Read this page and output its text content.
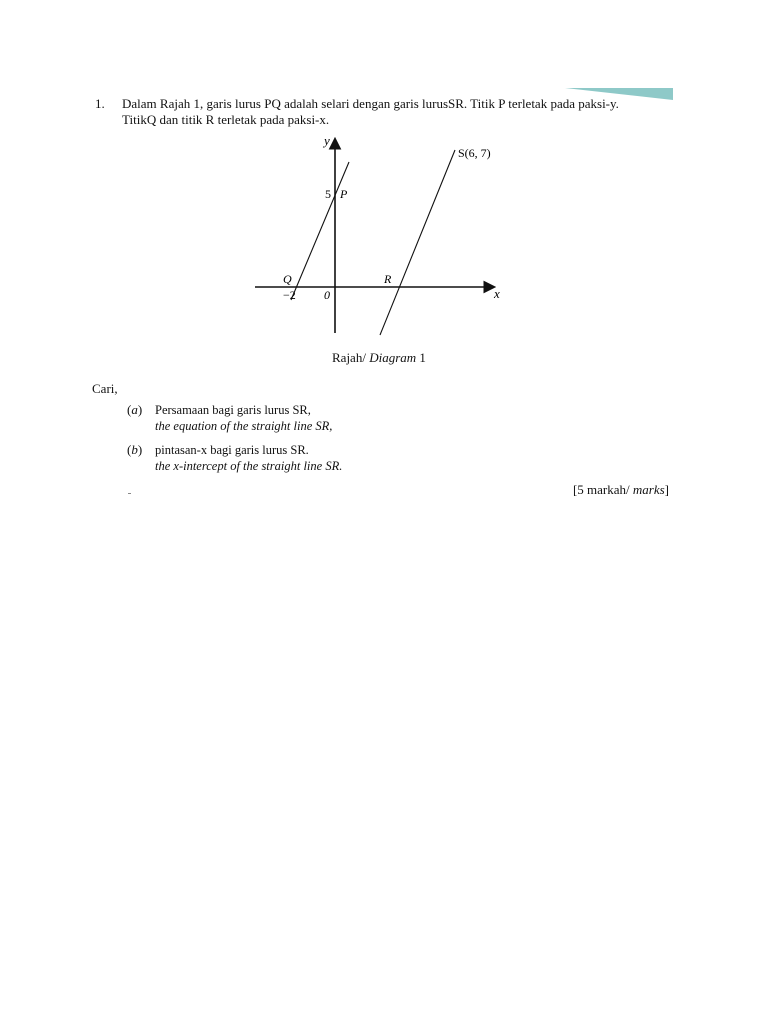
1. Dalam Rajah 1, garis lurus PQ adalah selari dengan garis lurusSR. Titik P terletak pada paksi-y.

TitikQ dan titik R terletak pada paksi-x.

y
x
5 P
Q
−2 0
R
S(6, 7)
Rajah/ Diagram 1
Cari,
(a) Persamaan bagi garis lurus SR,
the equation of the straight line SR,
(b) pintasan-x bagi garis lurus SR.
the x-intercept of the straight line SR.
[5 markah/ marks]
